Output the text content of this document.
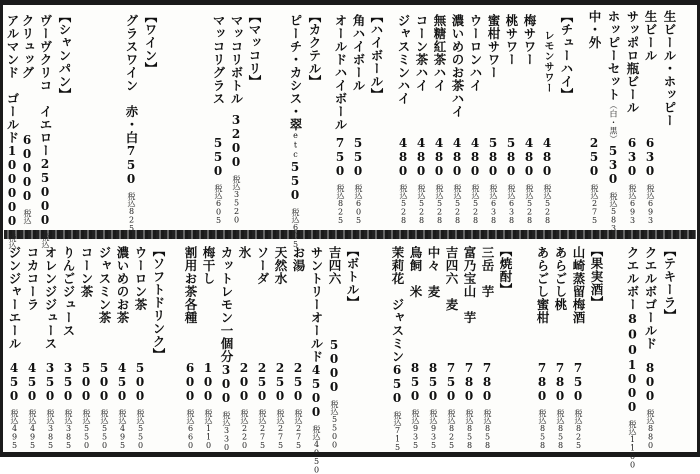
生ビール・ホッピー
生ビール
630
税込693
サッポロ瓶ビール
630
税込693
ホッピーセット
（白・黒）
530
税込583
中・外
250
税込275
【チューハイ】
レモンサワー
480
税込528
梅サワー
480
税込528
桃サワー
580
税込638
蜜柑サワー
580
税込638
ウーロンハイ
480
税込528
濃いめのお茶ハイ
480
税込528
無糖紅茶ハイ
480
税込528
コーン茶ハイ
480
税込528
ジャスミンハイ
480
税込528
【ハイボール】
角ハイボール
550
税込605
オールドハイボール
750
税込825
【カクテル】
ピーチ・カシス・翠
etc
550
税込605
【マッコリ】
マッコリボトル
3200
税込3520
マッコリグラス
550
税込605
【ワイン】
グラスワイン　赤・白
750
税込825
【シャンパン】
ヴーヴクリコ　イエロー
25000
税込
クリュッグ
60000
税込
アルマンド　ゴールド
100000
税込
【テキーラ】
クエルボゴールド
800
税込880
クエルボー800
1000
税込1100
【果実酒】
山崎蒸留梅酒
750
税込825
あらごし桃
780
税込858
あらごし蜜柑
780
税込858
【焼酎】
三岳　芋
780
税込858
富乃宝山　芋
780
税込858
吉四六　麦
750
税込825
中々　麦
850
税込935
鳥飼　米
850
税込935
茉莉花　ジャスミン
650
税込715
【ボトル】
吉四六
5000
税込5500
サントリーオールド
4500
税込4950
お湯
250
税込275
天然水
250
税込275
ソーダ
250
税込275
氷
200
税込220
カットレモン一個分
300
税込330
梅干し
100
税込110
割用お茶各種
600
税込660
【ソフトドリンク】
ウーロン茶
500
税込550
濃いめのお茶
450
税込495
ジャスミン茶
500
税込550
コーン茶
500
税込550
りんごジュース
350
税込385
オレンジジュース
350
税込385
コカコーラ
450
税込495
ジンジャーエール
450
税込495
